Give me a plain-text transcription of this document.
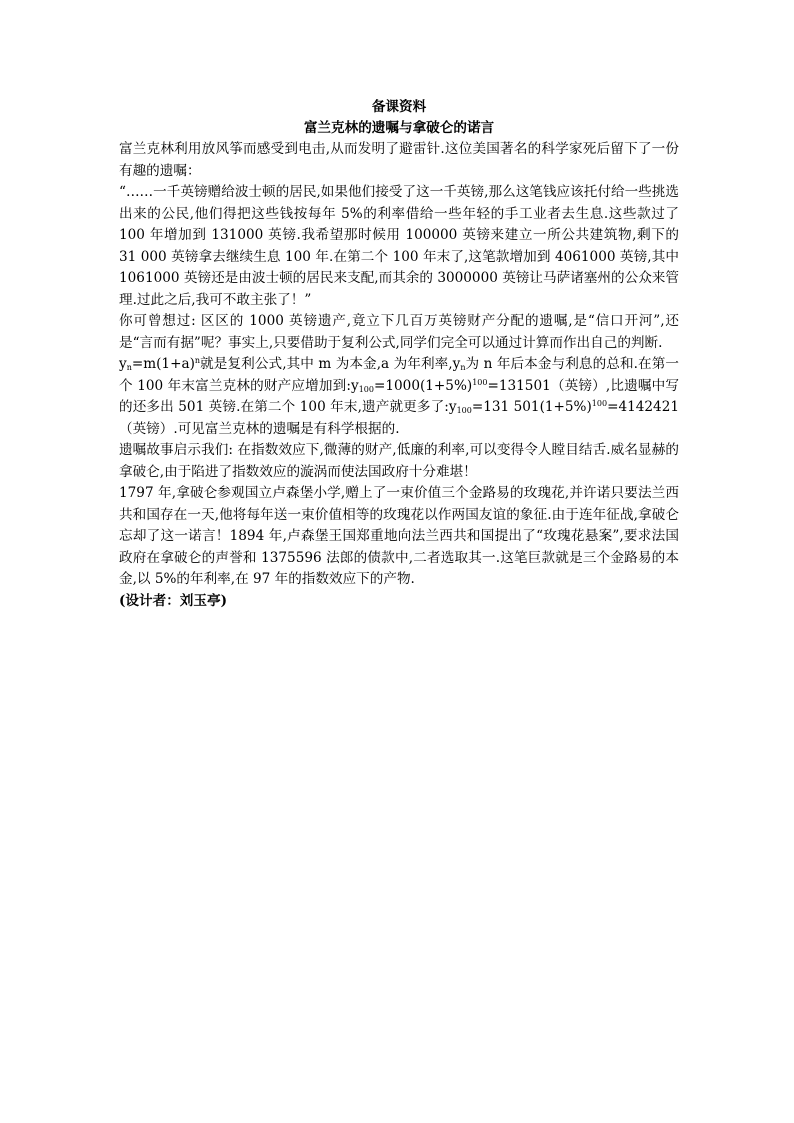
备课资料
富兰克林的遗嘱与拿破仑的诺言

富兰克林利用放风筝而感受到电击,从而发明了避雷针.这位美国著名的科学家死后留下了一份有趣的遗嘱：

“……一千英镑赠给波士顿的居民,如果他们接受了这一千英镑,那么这笔钱应该托付给一些挑选出来的公民,他们得把这些钱按每年 5%的利率借给一些年轻的手工业者去生息.这些款过了 100 年增加到 131000 英镑.我希望那时候用 100000 英镑来建立一所公共建筑物,剩下的 31 000 英镑拿去继续生息 100 年.在第二个 100 年末了,这笔款增加到 4061000 英镑,其中 1061000 英镑还是由波士顿的居民来支配,而其余的 3000000 英镑让马萨诸塞州的公众来管理.过此之后,我可不敢主张了！”

你可曾想过: 区区的 1000 英镑遗产,竟立下几百万英镑财产分配的遗嘱,是“信口开河”,还是“言而有据”呢？事实上,只要借助于复利公式,同学们完全可以通过计算而作出自己的判断.

$y_n=m(1+a)^n$就是复利公式,其中 m 为本金,a 为年利率$,y_n$为 n 年后本金与利息的总和.在第一个 100 年末富兰克林的财产应增加到$:y_{100}=1000(1+5\%)^{100}=131501$（英镑）,比遗嘱中写的还多出 501 英镑.在第二个 100 年末,遗产就更多了$:y_{100}=131$ $501(1+5\%)^{100}=4142421$（英镑）.可见富兰克林的遗嘱是有科学根据的.

遗嘱故事启示我们: 在指数效应下,微薄的财产,低廉的利率,可以变得令人瞠目结舌.威名显赫的拿破仑,由于陷进了指数效应的漩涡而使法国政府十分难堪！

1797 年,拿破仑参观国立卢森堡小学,赠上了一束价值三个金路易的玫瑰花,并许诺只要法兰西共和国存在一天,他将每年送一束价值相等的玫瑰花以作两国友谊的象征.由于连年征战,拿破仑忘却了这一诺言！1894 年,卢森堡王国郑重地向法兰西共和国提出了“玫瑰花悬案”,要求法国政府在拿破仑的声誉和 1375596 法郎的债款中,二者选取其一.这笔巨款就是三个金路易的本金,以 5%的年利率,在 97 年的指数效应下的产物.

(设计者：刘玉亭)
